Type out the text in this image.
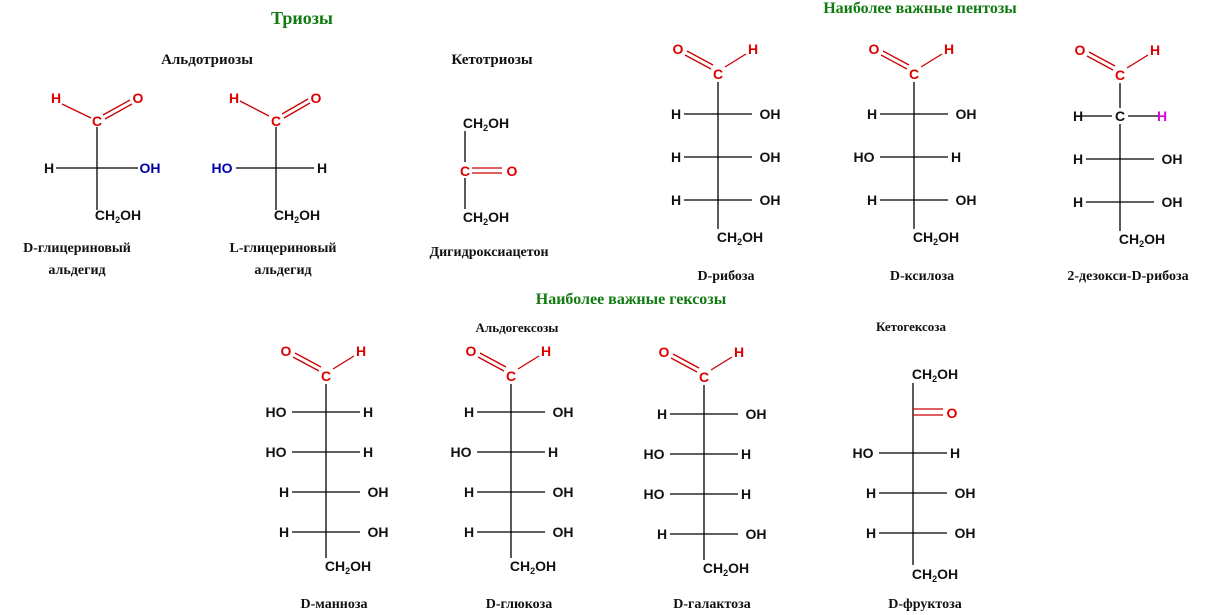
Триозы	Наиболее важные пентозы
Наиболее важные гексозы
Альдотриозы	Кетотриозы
Альдогексозы	Кетогексоза
H	O
C
H	OH
$CH_2OH$
D-глицериновый
альдегид
H	O
C
HO	H
$CH_2OH$
L-глицериновый
альдегид
$CH_2OH$
C	O
$CH_2OH$
Дигидроксиацетон
O	H
C
H	OH
H	OH
H	OH
$CH_2OH$
D-рибоза
O	H
C
H	OH
HO	H
H	OH
$CH_2OH$
D-ксилоза
O	H
C
C
H	H
H	OH
H	OH
$CH_2OH$
2-дезокси-D-рибоза
O	H
C
HO	H
HO	H
H	OH
H	OH
$CH_2OH$
D-манноза
O	H
C
H	OH
HO	H
H	OH
H	OH
$CH_2OH$
D-глюкоза
O	H
C
H	OH
HO	H
HO	H
H	OH
$CH_2OH$
D-галактоза
$CH_2OH$
O
D-фруктоза
HO	H
H	OH
H	OH
$CH_2OH$
